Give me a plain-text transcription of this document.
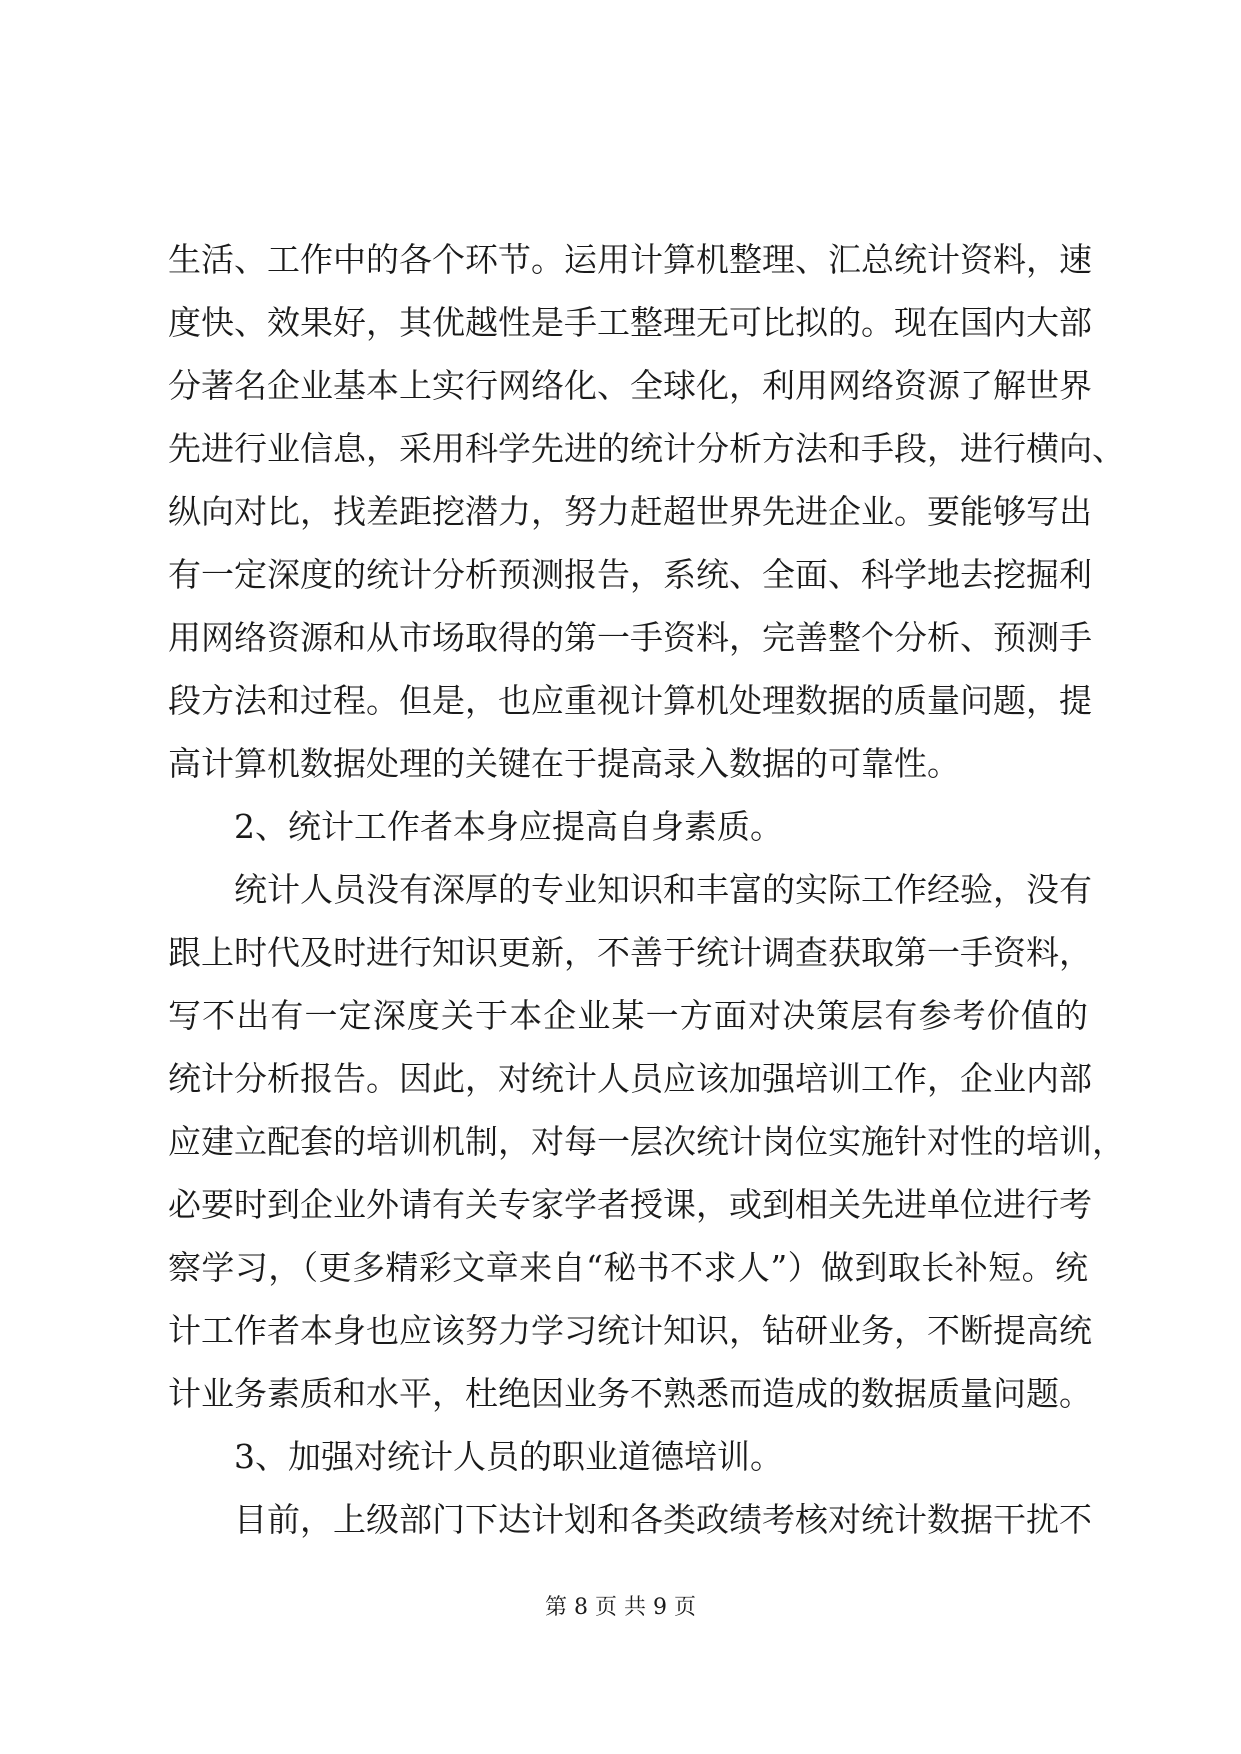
生活、工作中的各个环节。运用计算机整理、汇总统计资料，速
度快、效果好，其优越性是手工整理无可比拟的。现在国内大部
分著名企业基本上实行网络化、全球化，利用网络资源了解世界
先进行业信息，采用科学先进的统计分析方法和手段，进行横向、
纵向对比，找差距挖潜力，努力赶超世界先进企业。要能够写出
有一定深度的统计分析预测报告，系统、全面、科学地去挖掘利
用网络资源和从市场取得的第一手资料，完善整个分析、预测手
段方法和过程。但是，也应重视计算机处理数据的质量问题，提
高计算机数据处理的关键在于提高录入数据的可靠性。
2、统计工作者本身应提高自身素质。
统计人员没有深厚的专业知识和丰富的实际工作经验，没有
跟上时代及时进行知识更新，不善于统计调查获取第一手资料，
写不出有一定深度关于本企业某一方面对决策层有参考价值的
统计分析报告。因此，对统计人员应该加强培训工作，企业内部
应建立配套的培训机制，对每一层次统计岗位实施针对性的培训，
必要时到企业外请有关专家学者授课，或到相关先进单位进行考
察学习，（更多精彩文章来自“秘书不求人”）做到取长补短。统
计工作者本身也应该努力学习统计知识，钻研业务，不断提高统
计业务素质和水平，杜绝因业务不熟悉而造成的数据质量问题。
3、加强对统计人员的职业道德培训。
目前，上级部门下达计划和各类政绩考核对统计数据干扰不
第 8 页 共 9 页
